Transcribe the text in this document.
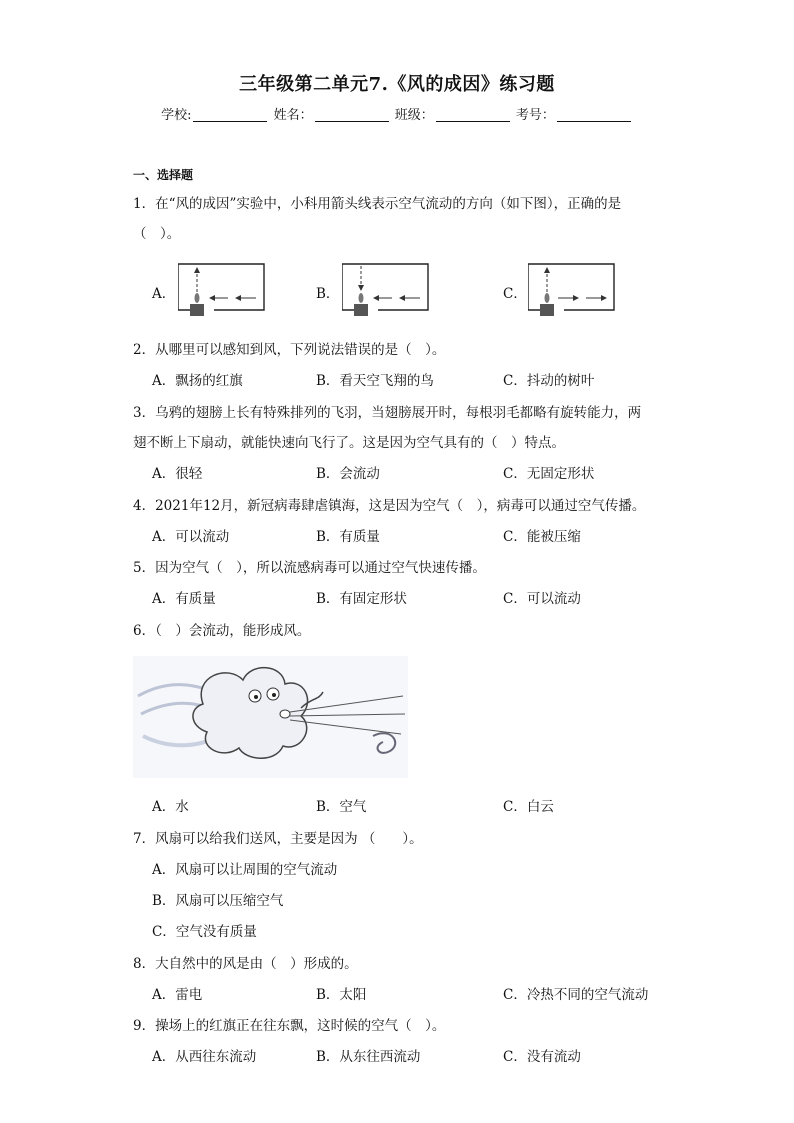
三年级第二单元7.《风的成因》练习题
学校:	姓名：	班级：	考号：
一、选择题
1．在“风的成因”实验中，小科用箭头线表示空气流动的方向（如下图），正确的是
（　）。
A．	B．	C．
2．从哪里可以感知到风，下列说法错误的是（　）。
A．飘扬的红旗	B．看天空飞翔的鸟	C．抖动的树叶
3．乌鸦的翅膀上长有特殊排列的飞羽，当翅膀展开时，每根羽毛都略有旋转能力，两
翅不断上下扇动，就能快速向飞行了。这是因为空气具有的（　）特点。
A．很轻	B．会流动	C．无固定形状
4．2021年12月，新冠病毒肆虐镇海，这是因为空气（　），病毒可以通过空气传播。
A．可以流动	B．有质量	C．能被压缩
5．因为空气（　），所以流感病毒可以通过空气快速传播。
A．有质量	B．有固定形状	C．可以流动
6．（　）会流动，能形成风。
A．水	B．空气	C．白云
7．风扇可以给我们送风，主要是因为 （　　）。
A．风扇可以让周围的空气流动
B．风扇可以压缩空气
C．空气没有质量
8．大自然中的风是由（　）形成的。
A．雷电	B．太阳	C．冷热不同的空气流动
9．操场上的红旗正在往东飘，这时候的空气（　）。
A．从西往东流动	B．从东往西流动	C．没有流动
